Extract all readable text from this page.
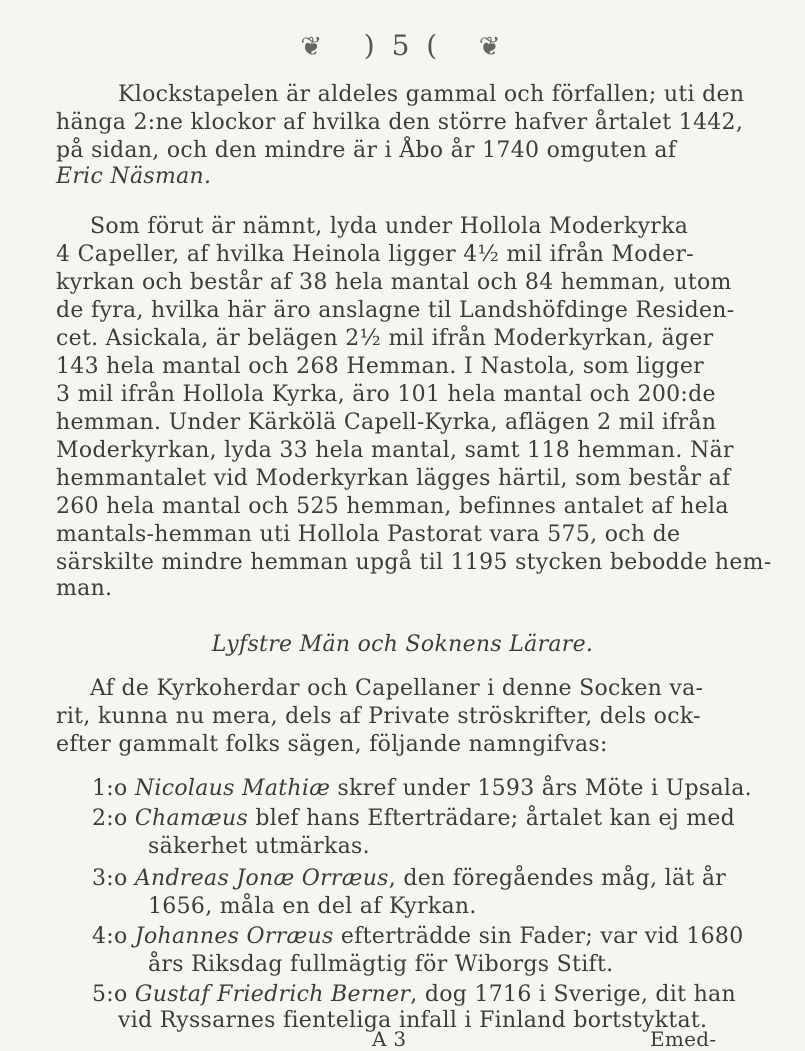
❦ ) 5 ( ❦
Klockstapelen är aldeles gammal och förfallen; uti den
hänga 2:ne klockor af hvilka den större hafver årtalet 1442,
på sidan, och den mindre är i Åbo år 1740 omguten af
Eric Näsman.
Som förut är nämnt, lyda under Hollola Moderkyrka
4 Capeller, af hvilka Heinola ligger 4½ mil ifrån Moder-
kyrkan och består af 38 hela mantal och 84 hemman, utom
de fyra, hvilka här äro anslagne til Landshöfdinge Residen-
cet. Asickala, är belägen 2½ mil ifrån Moderkyrkan, äger
143 hela mantal och 268 Hemman. I Nastola, som ligger
3 mil ifrån Hollola Kyrka, äro 101 hela mantal och 200:de
hemman. Under Kärkölä Capell-Kyrka, aflägen 2 mil ifrån
Moderkyrkan, lyda 33 hela mantal, samt 118 hemman. När
hemmantalet vid Moderkyrkan lägges härtil, som består af
260 hela mantal och 525 hemman, befinnes antalet af hela
mantals-hemman uti Hollola Pastorat vara 575, och de
särskilte mindre hemman upgå til 1195 stycken bebodde hem-
man.
Lyfstre Män och Soknens Lärare.
Af de Kyrkoherdar och Capellaner i denne Socken va-
rit, kunna nu mera, dels af Private ströskrifter, dels ock-
efter gammalt folks sägen, följande namngifvas:
1:o Nicolaus Mathiæ skref under 1593 års Möte i Upsala.
2:o Chamæus blef hans Efterträdare; årtalet kan ej med
säkerhet utmärkas.
3:o Andreas Jonæ Orræus, den föregåendes måg, lät år
1656, måla en del af Kyrkan.
4:o Johannes Orræus efterträdde sin Fader; var vid 1680
års Riksdag fullmägtig för Wiborgs Stift.
5:o Gustaf Friedrich Berner, dog 1716 i Sverige, dit han
vid Ryssarnes fienteliga infall i Finland bortstyktat.
A 3	Emed-
